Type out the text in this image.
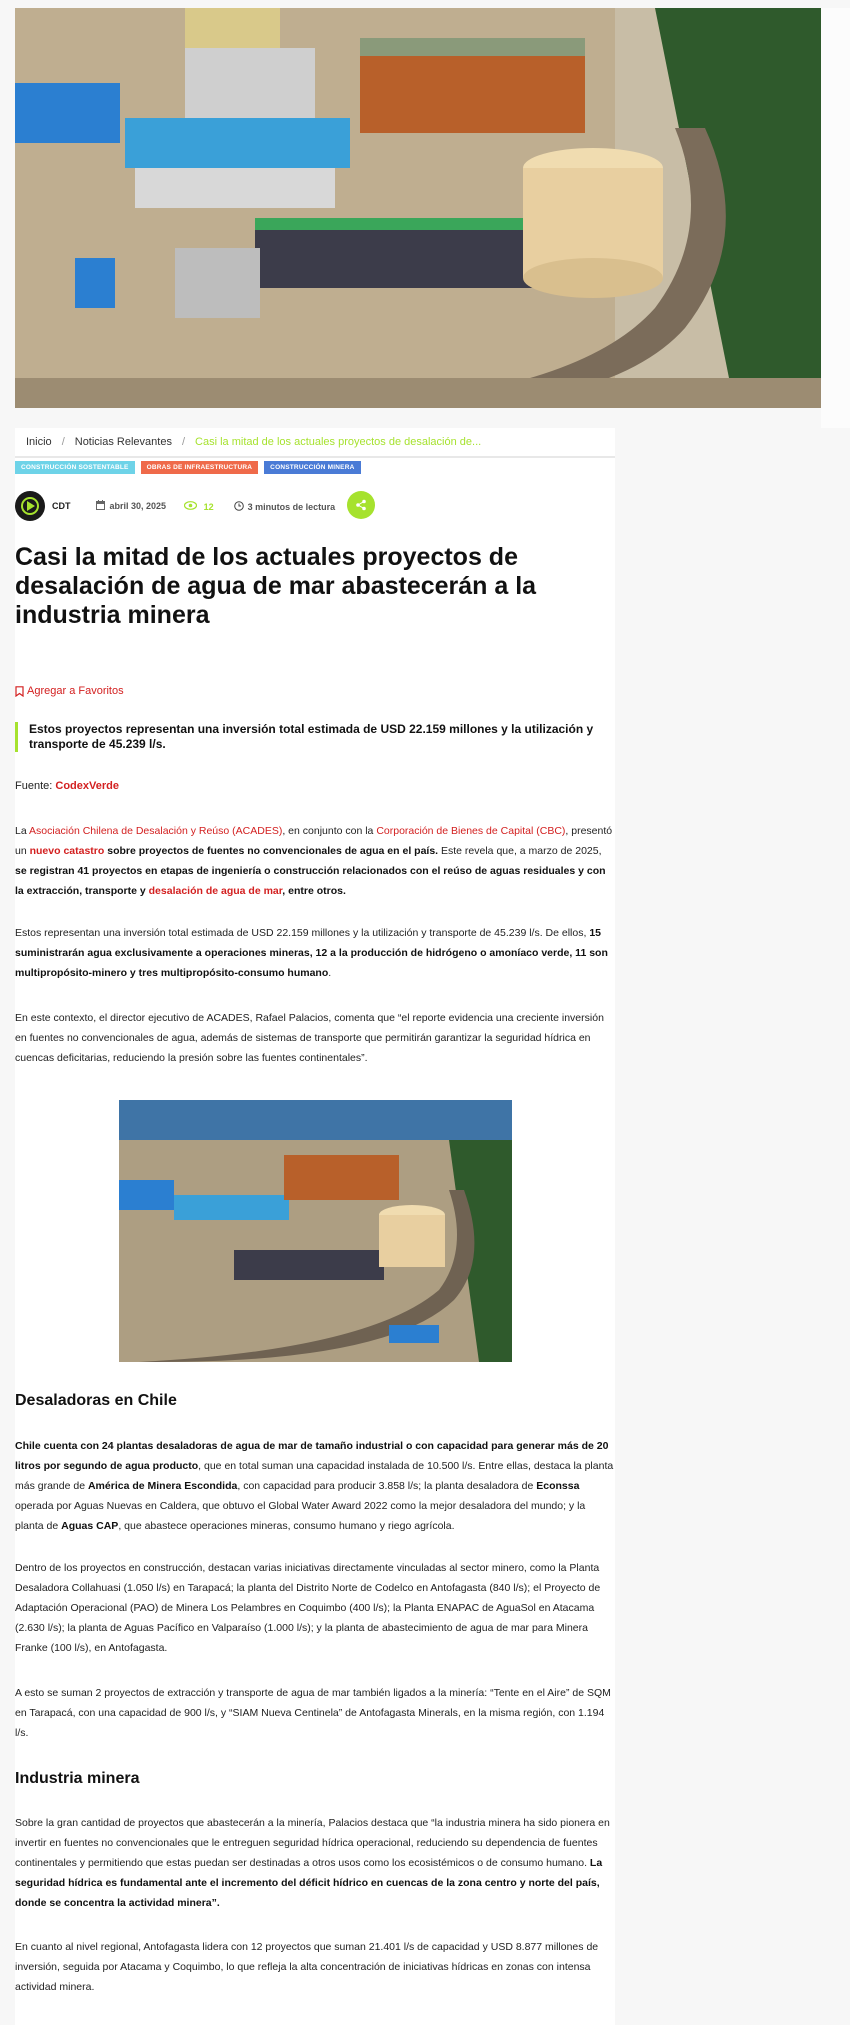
Inicio / Noticias Relevantes / Casi la mitad de los actuales proyectos de desalación de...
CONSTRUCCIÓN SOSTENTABLE	OBRAS DE INFRAESTRUCTURA	CONSTRUCCIÓN MINERA
CDT	abril 30, 2025	12	3 minutos de lectura
Casi la mitad de los actuales proyectos de desalación de agua de mar abastecerán a la industria minera
Agregar a Favoritos
Estos proyectos representan una inversión total estimada de USD 22.159 millones y la utilización y transporte de 45.239 l/s.
Fuente: CodexVerde

La Asociación Chilena de Desalación y Reúso (ACADES), en conjunto con la Corporación de Bienes de Capital (CBC), presentó un nuevo catastro sobre proyectos de fuentes no convencionales de agua en el país. Este revela que, a marzo de 2025, se registran 41 proyectos en etapas de ingeniería o construcción relacionados con el reúso de aguas residuales y con la extracción, transporte y desalación de agua de mar, entre otros.

Estos representan una inversión total estimada de USD 22.159 millones y la utilización y transporte de 45.239 l/s. De ellos, 15 suministrarán agua exclusivamente a operaciones mineras, 12 a la producción de hidrógeno o amoníaco verde, 11 son multipropósito-minero y tres multipropósito-consumo humano.

En este contexto, el director ejecutivo de ACADES, Rafael Palacios, comenta que “el reporte evidencia una creciente inversión en fuentes no convencionales de agua, además de sistemas de transporte que permitirán garantizar la seguridad hídrica en cuencas deficitarias, reduciendo la presión sobre las fuentes continentales”.

Desaladoras en Chile

Chile cuenta con 24 plantas desaladoras de agua de mar de tamaño industrial o con capacidad para generar más de 20 litros por segundo de agua producto, que en total suman una capacidad instalada de 10.500 l/s. Entre ellas, destaca la planta más grande de América de Minera Escondida, con capacidad para producir 3.858 l/s; la planta desaladora de Econssa operada por Aguas Nuevas en Caldera, que obtuvo el Global Water Award 2022 como la mejor desaladora del mundo; y la planta de Aguas CAP, que abastece operaciones mineras, consumo humano y riego agrícola.

Dentro de los proyectos en construcción, destacan varias iniciativas directamente vinculadas al sector minero, como la Planta Desaladora Collahuasi (1.050 l/s) en Tarapacá; la planta del Distrito Norte de Codelco en Antofagasta (840 l/s); el Proyecto de Adaptación Operacional (PAO) de Minera Los Pelambres en Coquimbo (400 l/s); la Planta ENAPAC de AguaSol en Atacama (2.630 l/s); la planta de Aguas Pacífico en Valparaíso (1.000 l/s); y la planta de abastecimiento de agua de mar para Minera Franke (100 l/s), en Antofagasta.

A esto se suman 2 proyectos de extracción y transporte de agua de mar también ligados a la minería: “Tente en el Aire” de SQM en Tarapacá, con una capacidad de 900 l/s, y “SIAM Nueva Centinela” de Antofagasta Minerals, en la misma región, con 1.194 l/s.

Industria minera

Sobre la gran cantidad de proyectos que abastecerán a la minería, Palacios destaca que “la industria minera ha sido pionera en invertir en fuentes no convencionales que le entreguen seguridad hídrica operacional, reduciendo su dependencia de fuentes continentales y permitiendo que estas puedan ser destinadas a otros usos como los ecosistémicos o de consumo humano. La seguridad hídrica es fundamental ante el incremento del déficit hídrico en cuencas de la zona centro y norte del país, donde se concentra la actividad minera”.

En cuanto al nivel regional, Antofagasta lidera con 12 proyectos que suman 21.401 l/s de capacidad y USD 8.877 millones de inversión, seguida por Atacama y Coquimbo, lo que refleja la alta concentración de iniciativas hídricas en zonas con intensa actividad minera.
